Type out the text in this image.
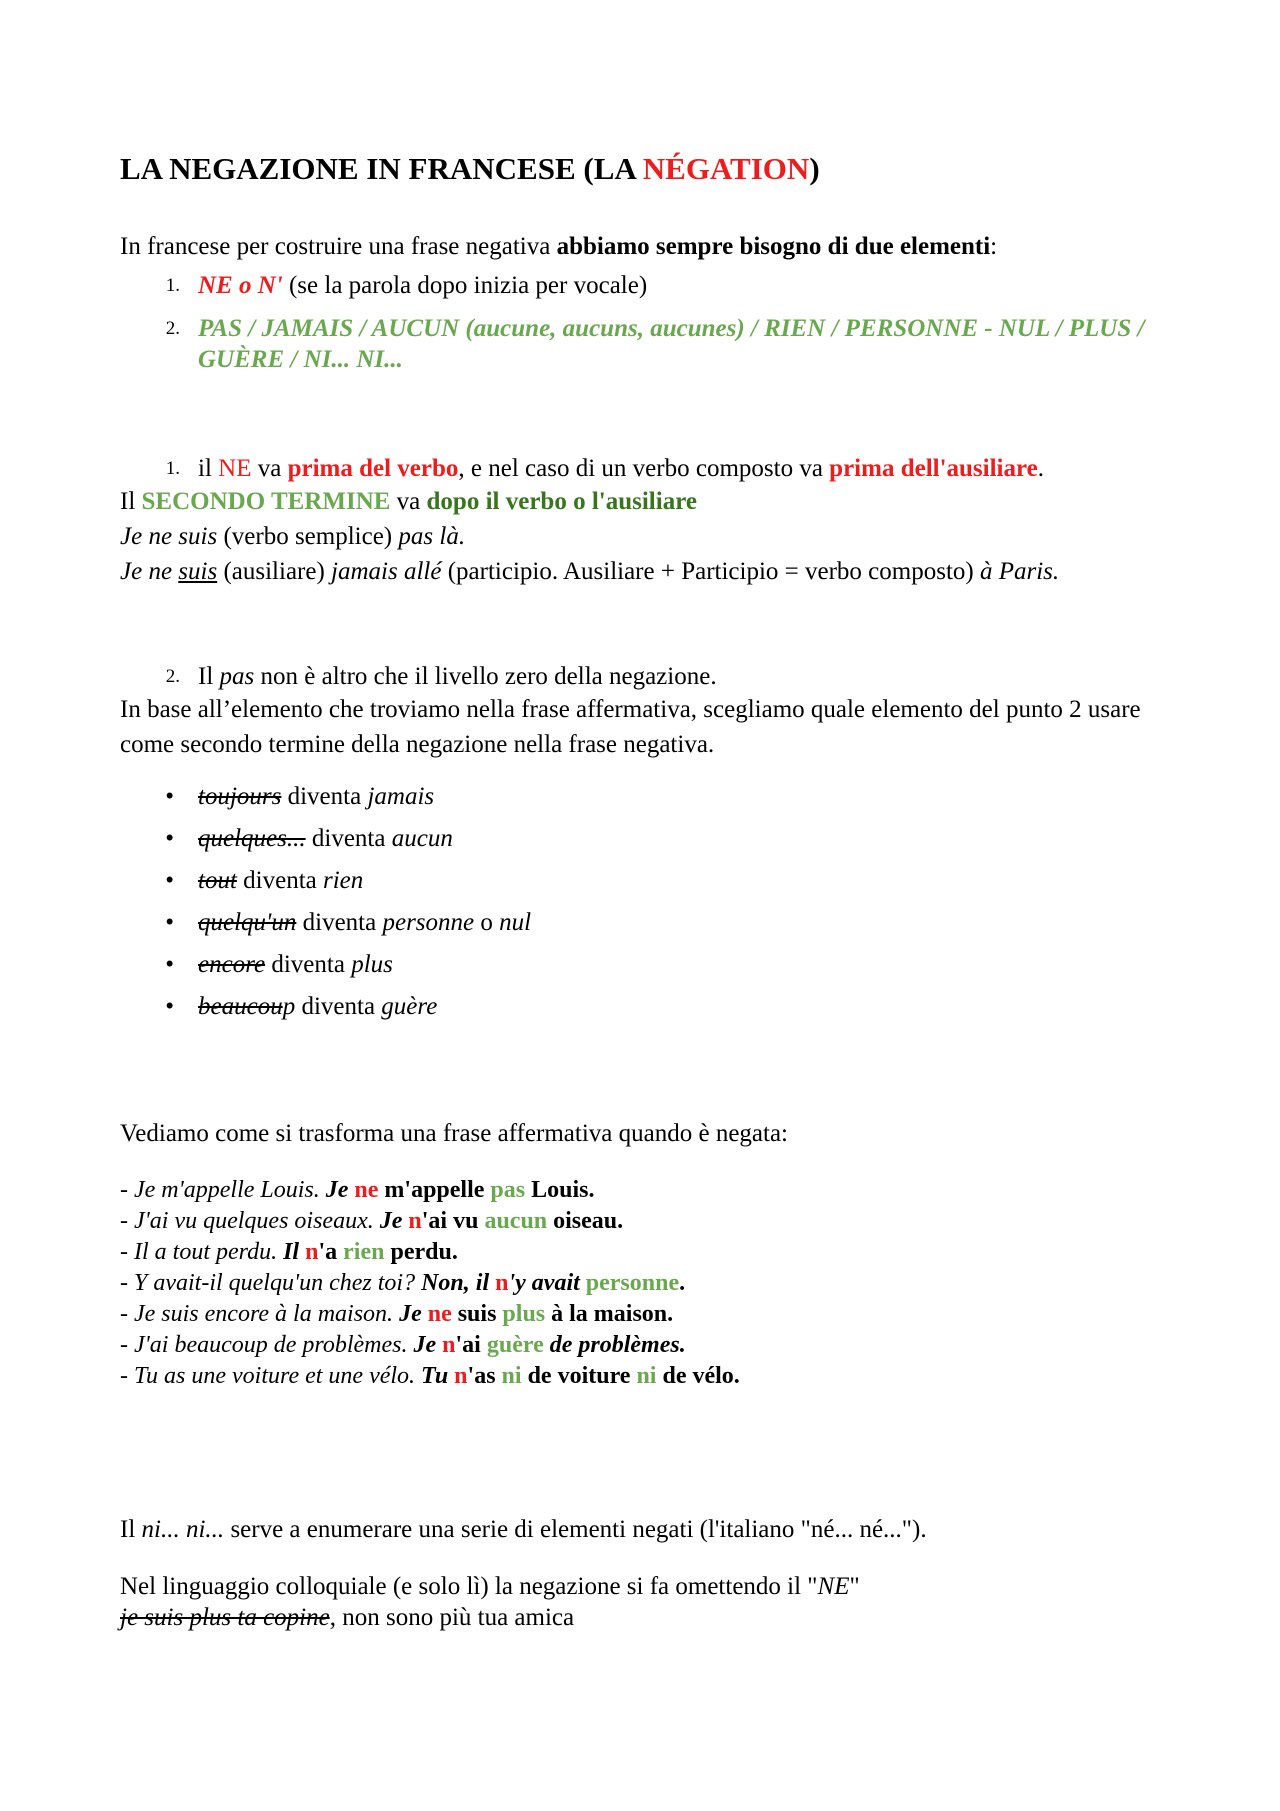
LA NEGAZIONE IN FRANCESE (LA NÉGATION)

In francese per costruire una frase negativa abbiamo sempre bisogno di due elementi:

1. NE o N' (se la parola dopo inizia per vocale)
2. PAS / JAMAIS / AUCUN (aucune, aucuns, aucunes) / RIEN / PERSONNE - NUL / PLUS / GUÈRE / NI... NI...
1. il NE va prima del verbo, e nel caso di un verbo composto va prima dell'ausiliare.

Il SECONDO TERMINE va dopo il verbo o l'ausiliare

Je ne suis (verbo semplice) pas là.

Je ne suis (ausiliare) jamais allé (participio. Ausiliare + Participio = verbo composto) à Paris.

2. Il pas non è altro che il livello zero della negazione.

In base all’elemento che troviamo nella frase affermativa, scegliamo quale elemento del punto 2 usare come secondo termine della negazione nella frase negativa.

• toujours diventa jamais
• quelques... diventa aucun
• tout diventa rien
• quelqu'un diventa personne o nul
• encore diventa plus
• beaucoup diventa guère

Vediamo come si trasforma una frase affermativa quando è negata:

- Je m'appelle Louis. Je ne m'appelle pas Louis.
- J'ai vu quelques oiseaux. Je n'ai vu aucun oiseau.
- Il a tout perdu. Il n'a rien perdu.
- Y avait-il quelqu'un chez toi? Non, il n'y avait personne.
- Je suis encore à la maison. Je ne suis plus à la maison.
- J'ai beaucoup de problèmes. Je n'ai guère de problèmes.
- Tu as une voiture et une vélo. Tu n'as ni de voiture ni de vélo.

Il ni... ni... serve a enumerare una serie di elementi negati (l'italiano "né... né...").

Nel linguaggio colloquiale (e solo lì) la negazione si fa omettendo il "NE"
je suis plus ta copine, non sono più tua amica
